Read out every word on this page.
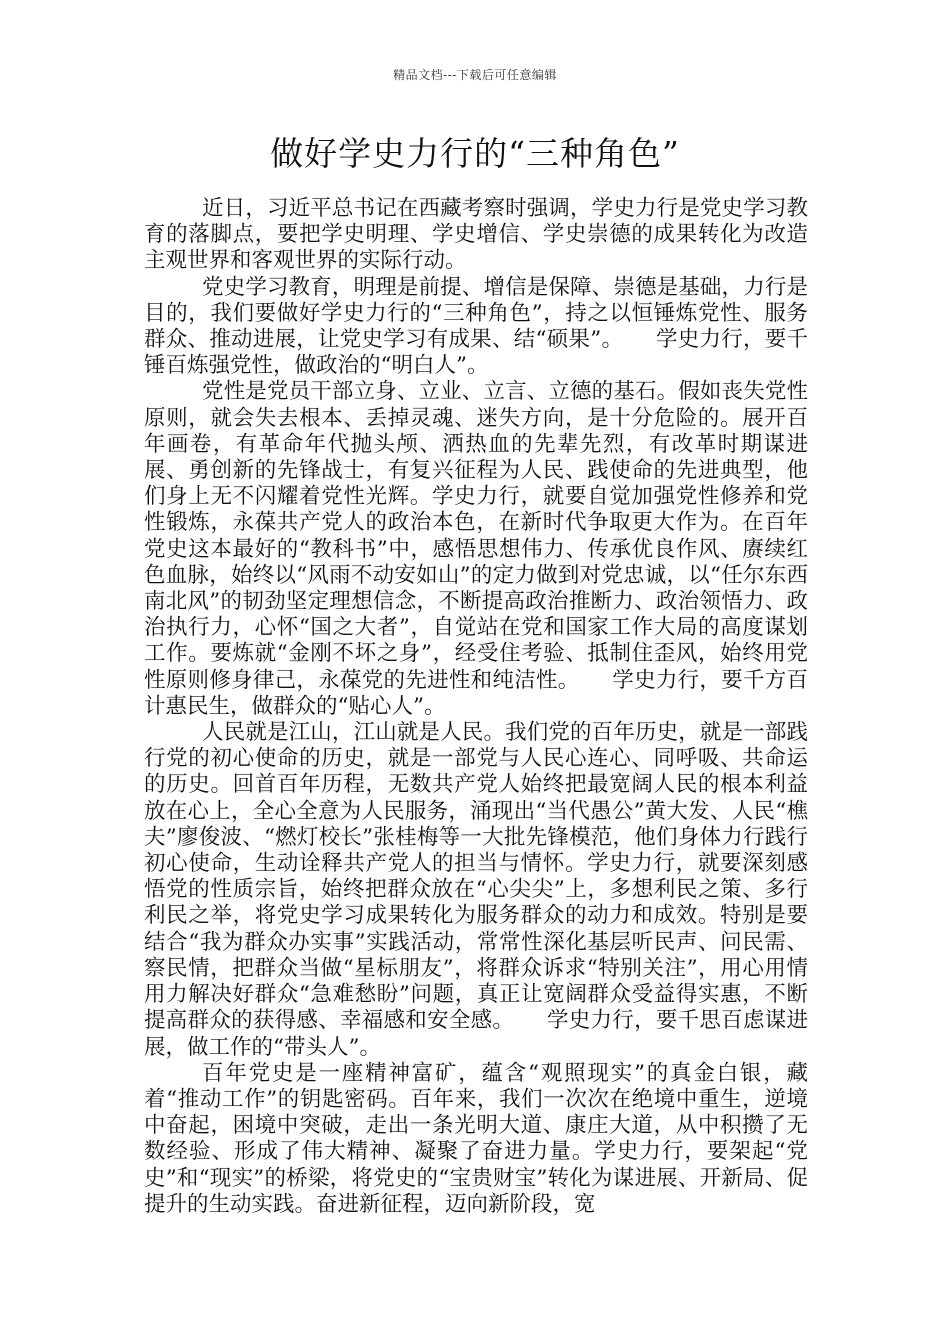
精品文档---下载后可任意编辑
做好学史力行的“三种角色”

近日，习近平总书记在西藏考察时强调，学史力行是党史学习教育的落脚点，要把学史明理、学史增信、学史崇德的成果转化为改造主观世界和客观世界的实际行动。

党史学习教育，明理是前提、增信是保障、崇德是基础，力行是目的，我们要做好学史力行的“三种角色”，持之以恒锤炼党性、服务群众、推动进展，让党史学习有成果、结“硕果”。　　学史力行，要千锤百炼强党性，做政治的“明白人”。

党性是党员干部立身、立业、立言、立德的基石。假如丧失党性原则，就会失去根本、丢掉灵魂、迷失方向，是十分危险的。展开百年画卷，有革命年代抛头颅、洒热血的先辈先烈，有改革时期谋进展、勇创新的先锋战士，有复兴征程为人民、践使命的先进典型，他们身上无不闪耀着党性光辉。学史力行，就要自觉加强党性修养和党性锻炼，永葆共产党人的政治本色，在新时代争取更大作为。在百年党史这本最好的“教科书”中，感悟思想伟力、传承优良作风、赓续红色血脉，始终以“风雨不动安如山”的定力做到对党忠诚，以“任尔东西南北风”的韧劲坚定理想信念，不断提高政治推断力、政治领悟力、政治执行力，心怀“国之大者”，自觉站在党和国家工作大局的高度谋划工作。要炼就“金刚不坏之身”，经受住考验、抵制住歪风，始终用党性原则修身律己，永葆党的先进性和纯洁性。　　学史力行，要千方百计惠民生，做群众的“贴心人”。

人民就是江山，江山就是人民。我们党的百年历史，就是一部践行党的初心使命的历史，就是一部党与人民心连心、同呼吸、共命运的历史。回首百年历程，无数共产党人始终把最宽阔人民的根本利益放在心上，全心全意为人民服务，涌现出“当代愚公”黄大发、人民“樵夫”廖俊波、“燃灯校长”张桂梅等一大批先锋模范，他们身体力行践行初心使命，生动诠释共产党人的担当与情怀。学史力行，就要深刻感悟党的性质宗旨，始终把群众放在“心尖尖”上，多想利民之策、多行利民之举，将党史学习成果转化为服务群众的动力和成效。特别是要结合“我为群众办实事”实践活动，常常性深化基层听民声、问民需、察民情，把群众当做“星标朋友”，将群众诉求“特别关注”，用心用情用力解决好群众“急难愁盼”问题，真正让宽阔群众受益得实惠，不断提高群众的获得感、幸福感和安全感。　　学史力行，要千思百虑谋进展，做工作的“带头人”。

百年党史是一座精神富矿，蕴含“观照现实”的真金白银，藏着“推动工作”的钥匙密码。百年来，我们一次次在绝境中重生，逆境中奋起，困境中突破，走出一条光明大道、康庄大道，从中积攒了无数经验、形成了伟大精神、凝聚了奋进力量。学史力行，要架起“党史”和“现实”的桥梁，将党史的“宝贵财宝”转化为谋进展、开新局、促提升的生动实践。奋进新征程，迈向新阶段，宽
